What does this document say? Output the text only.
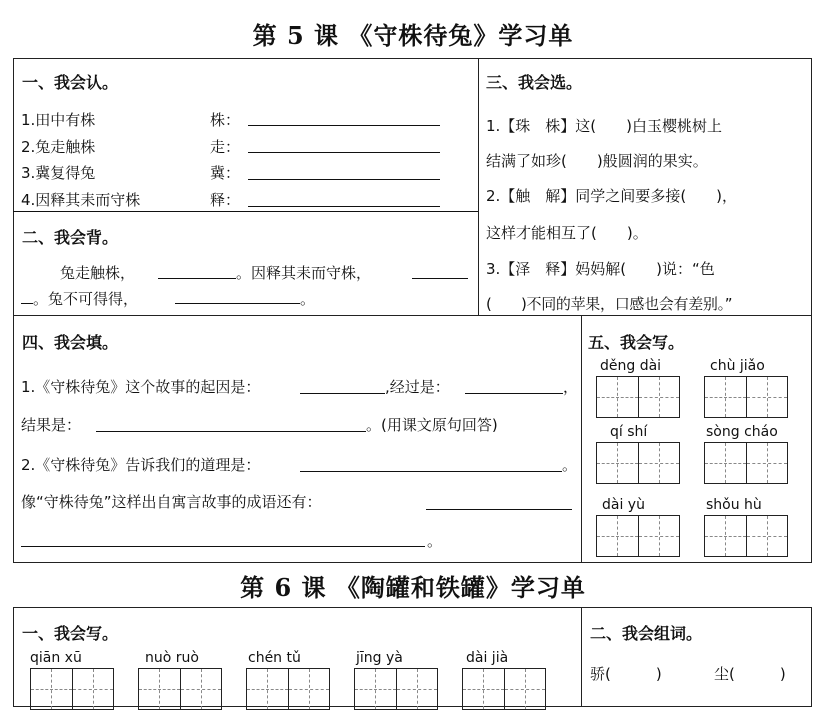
第 5 课 《守株待兔》学习单
一、我会认。
1.田中有株	株：
2.兔走触株	走：
3.冀复得兔	冀：
4.因释其耒而守株	释：
二、我会背。
兔走触株，	。因释其耒而守株，
。兔不可得得，	。
三、我会选。
1.【珠　株】这(　　)白玉樱桃树上
结满了如珍(　　)般圆润的果实。
2.【触　解】同学之间要多接(　　)，
这样才能相互了(　　)。
3.【泽　释】妈妈解(　　)说：“色
(　　)不同的苹果，口感也会有差别。”
四、我会填。
1.《守株待兔》这个故事的起因是：	,经过是：	，
结果是：	。(用课文原句回答)
2.《守株待兔》告诉我们的道理是：	。
像“守株待兔”这样出自寓言故事的成语还有：
。
五、我会写。
děng dài	chù jiǎo
qí shí	sòng cháo
dài yù	shǒu hù
第 6 课 《陶罐和铁罐》学习单
一、我会写。
qiān xū	nuò ruò	chén tǔ	jīng yà	dài jià
二、我会组词。
骄(　　　)	尘(　　　)
